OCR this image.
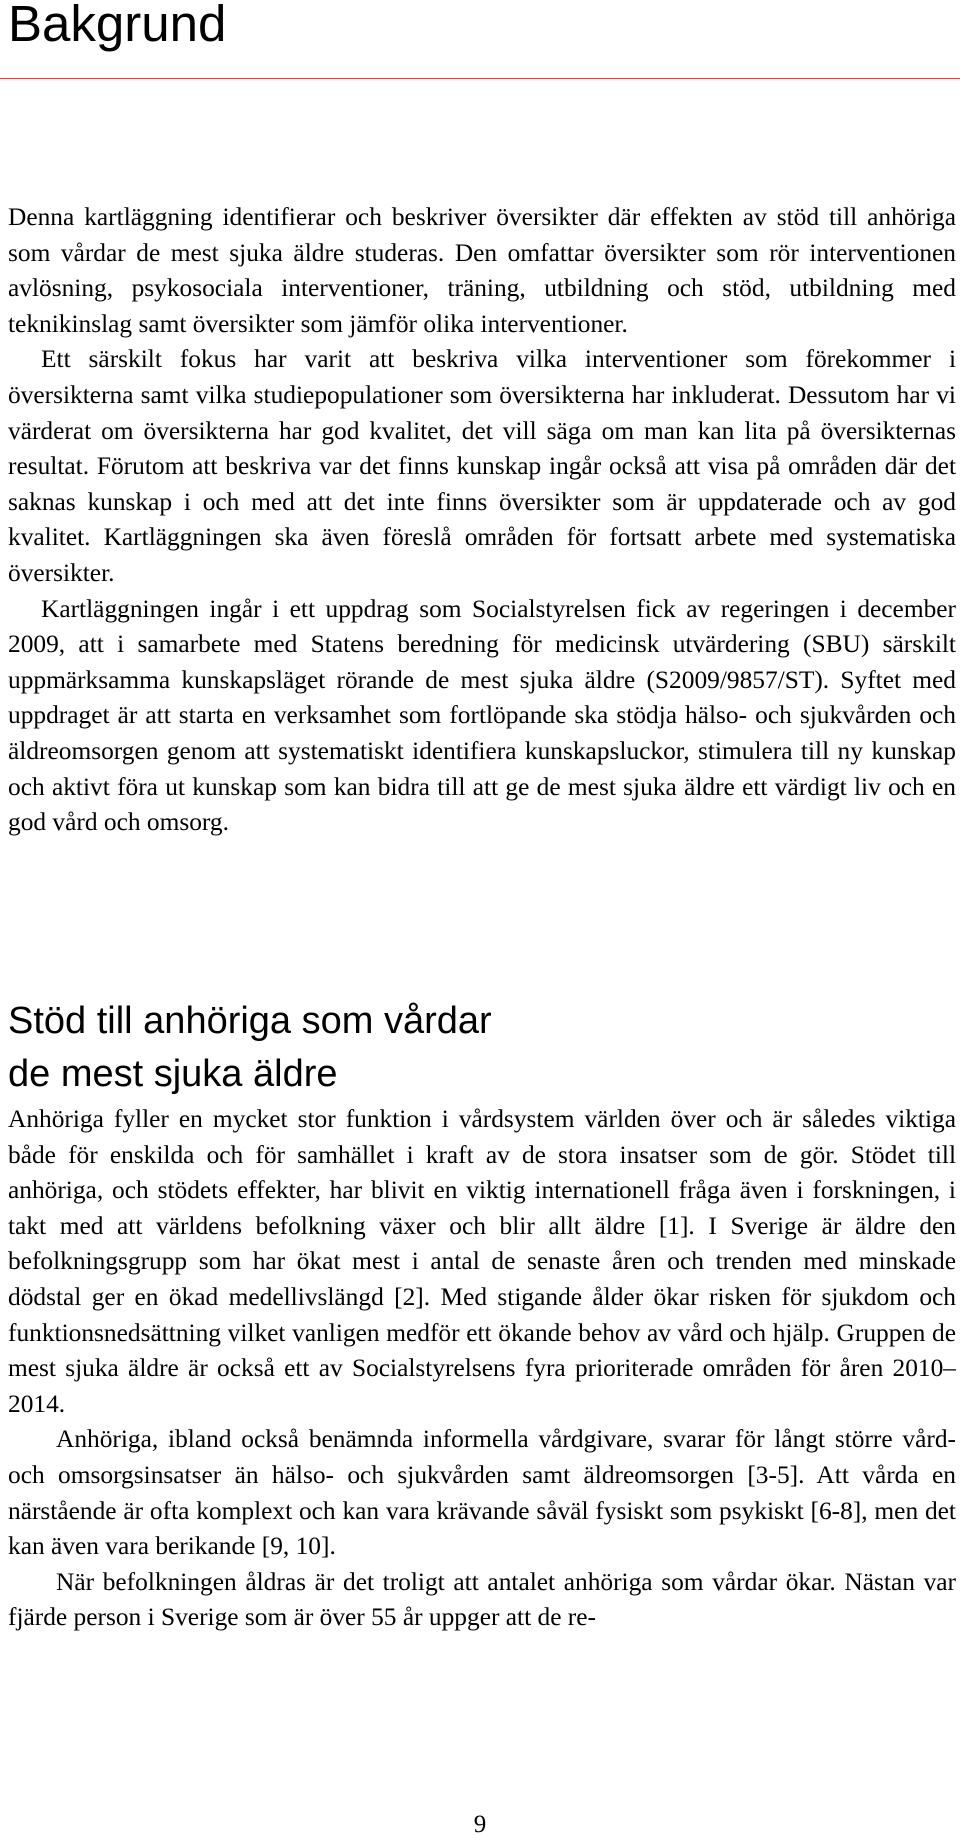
Bakgrund

Denna kartläggning identifierar och beskriver översikter där effekten av stöd till anhöriga som vårdar de mest sjuka äldre studeras. Den omfattar översikter som rör interventionen avlösning, psykosociala interventioner, träning, utbildning och stöd, utbildning med teknikinslag samt översikter som jämför olika interventioner.

Ett särskilt fokus har varit att beskriva vilka interventioner som förekommer i översikterna samt vilka studiepopulationer som översikterna har inkluderat. Dessutom har vi värderat om översikterna har god kvalitet, det vill säga om man kan lita på översikternas resultat. Förutom att beskriva var det finns kunskap ingår också att visa på områden där det saknas kunskap i och med att det inte finns översikter som är uppdaterade och av god kvalitet. Kartläggningen ska även föreslå områden för fortsatt arbete med systematiska översikter.

Kartläggningen ingår i ett uppdrag som Socialstyrelsen fick av regeringen i december 2009, att i samarbete med Statens beredning för medicinsk utvärdering (SBU) särskilt uppmärksamma kunskapsläget rörande de mest sjuka äldre (S2009/9857/ST). Syftet med uppdraget är att starta en verksamhet som fortlöpande ska stödja hälso- och sjukvården och äldreomsorgen genom att systematiskt identifiera kunskapsluckor, stimulera till ny kunskap och aktivt föra ut kunskap som kan bidra till att ge de mest sjuka äldre ett värdigt liv och en god vård och omsorg.

Stöd till anhöriga som vårdar
de mest sjuka äldre

Anhöriga fyller en mycket stor funktion i vårdsystem världen över och är således viktiga både för enskilda och för samhället i kraft av de stora insatser som de gör. Stödet till anhöriga, och stödets effekter, har blivit en viktig internationell fråga även i forskningen, i takt med att världens befolkning växer och blir allt äldre [1]. I Sverige är äldre den befolkningsgrupp som har ökat mest i antal de senaste åren och trenden med minskade dödstal ger en ökad medellivslängd [2]. Med stigande ålder ökar risken för sjukdom och funktionsnedsättning vilket vanligen medför ett ökande behov av vård och hjälp. Gruppen de mest sjuka äldre är också ett av Socialstyrelsens fyra prioriterade områden för åren 2010–2014.

Anhöriga, ibland också benämnda informella vårdgivare, svarar för långt större vård- och omsorgsinsatser än hälso- och sjukvården samt äldreomsorgen [3-5]. Att vårda en närstående är ofta komplext och kan vara krävande såväl fysiskt som psykiskt [6-8], men det kan även vara berikande [9, 10].

När befolkningen åldras är det troligt att antalet anhöriga som vårdar ökar. Nästan var fjärde person i Sverige som är över 55 år uppger att de re-

9
